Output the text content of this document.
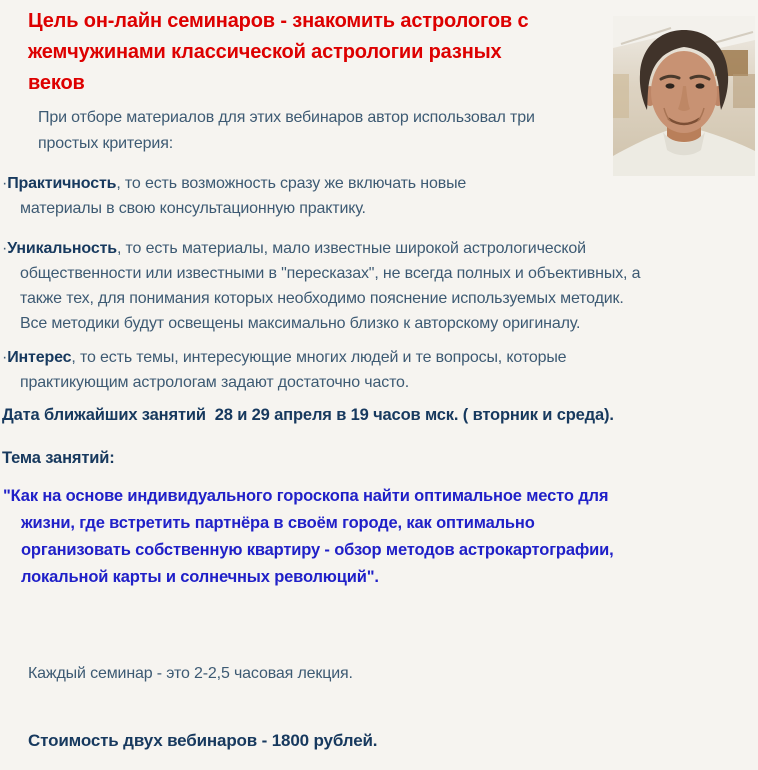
Цель он-лайн семинаров - знакомить астрологов с
жемчужинами классической астрологии разных
веков
При отборе материалов для этих вебинаров автор использовал три
простых критерия:
·Практичность, то есть возможность сразу же включать новые
материалы в свою консультационную практику.
·Уникальность, то есть материалы, мало известные широкой астрологической
общественности или известными в "пересказах", не всегда полных и объективных, а
также тех, для понимания которых необходимо пояснение используемых методик.
Все методики будут освещены максимально близко к авторскому оригиналу.
·Интерес, то есть темы, интересующие многих людей и те вопросы, которые
практикующим астрологам задают достаточно часто.
Дата ближайших занятий  28 и 29 апреля в 19 часов мск. ( вторник и среда).
Тема занятий:
"Как на основе индивидуального гороскопа найти оптимальное место для
жизни, где встретить партнёра в своём городе, как оптимально
организовать собственную квартиру - обзор методов астрокартографии,
локальной карты и солнечных революций".
Каждый семинар - это 2-2,5 часовая лекция.
Стоимость двух вебинаров - 1800 рублей.
